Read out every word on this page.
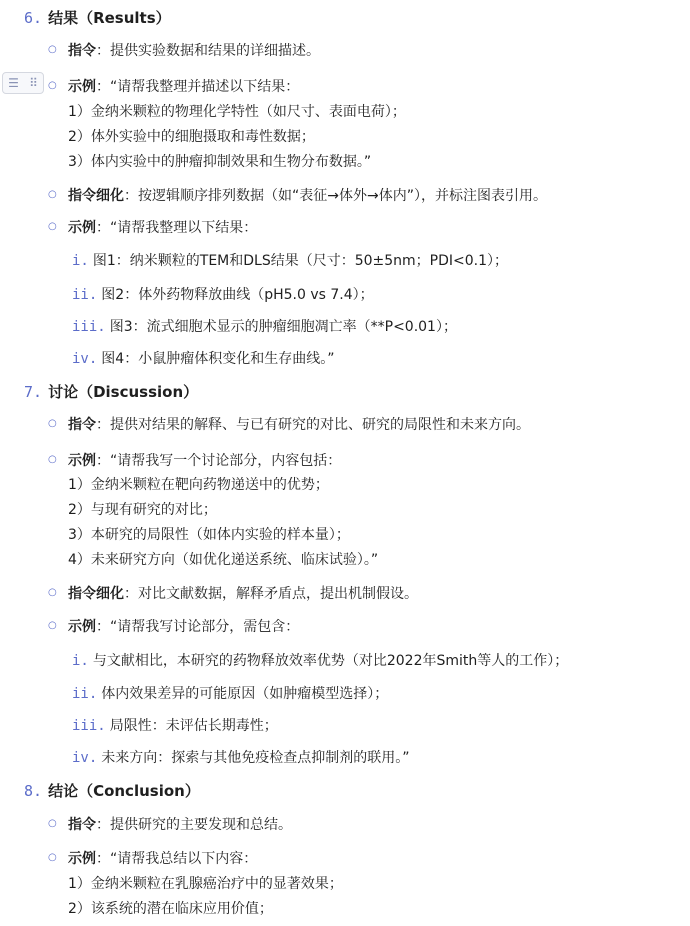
☰ ⠿
6. 结果（Results）
○ 指令：提供实验数据和结果的详细描述。
○ 示例：“请帮我整理并描述以下结果：
1）金纳米颗粒的物理化学特性（如尺寸、表面电荷）；
2）体外实验中的细胞摄取和毒性数据；
3）体内实验中的肿瘤抑制效果和生物分布数据。”
○ 指令细化：按逻辑顺序排列数据（如“表征→体外→体内”），并标注图表引用。
○ 示例：“请帮我整理以下结果：
i. 图1：纳米颗粒的TEM和DLS结果（尺寸：50±5nm；PDI<0.1）；
ii. 图2：体外药物释放曲线（pH5.0 vs 7.4）；
iii. 图3：流式细胞术显示的肿瘤细胞凋亡率（**P<0.01）；
iv. 图4：小鼠肿瘤体积变化和生存曲线。”
7. 讨论（Discussion）
○ 指令：提供对结果的解释、与已有研究的对比、研究的局限性和未来方向。
○ 示例：“请帮我写一个讨论部分，内容包括：
1）金纳米颗粒在靶向药物递送中的优势；
2）与现有研究的对比；
3）本研究的局限性（如体内实验的样本量）；
4）未来研究方向（如优化递送系统、临床试验）。”
○ 指令细化：对比文献数据，解释矛盾点，提出机制假设。
○ 示例：“请帮我写讨论部分，需包含：
i. 与文献相比，本研究的药物释放效率优势（对比2022年Smith等人的工作）；
ii. 体内效果差异的可能原因（如肿瘤模型选择）；
iii. 局限性：未评估长期毒性；
iv. 未来方向：探索与其他免疫检查点抑制剂的联用。”
8. 结论（Conclusion）
○ 指令：提供研究的主要发现和总结。
○ 示例：“请帮我总结以下内容：
1）金纳米颗粒在乳腺癌治疗中的显著效果；
2）该系统的潜在临床应用价值；
